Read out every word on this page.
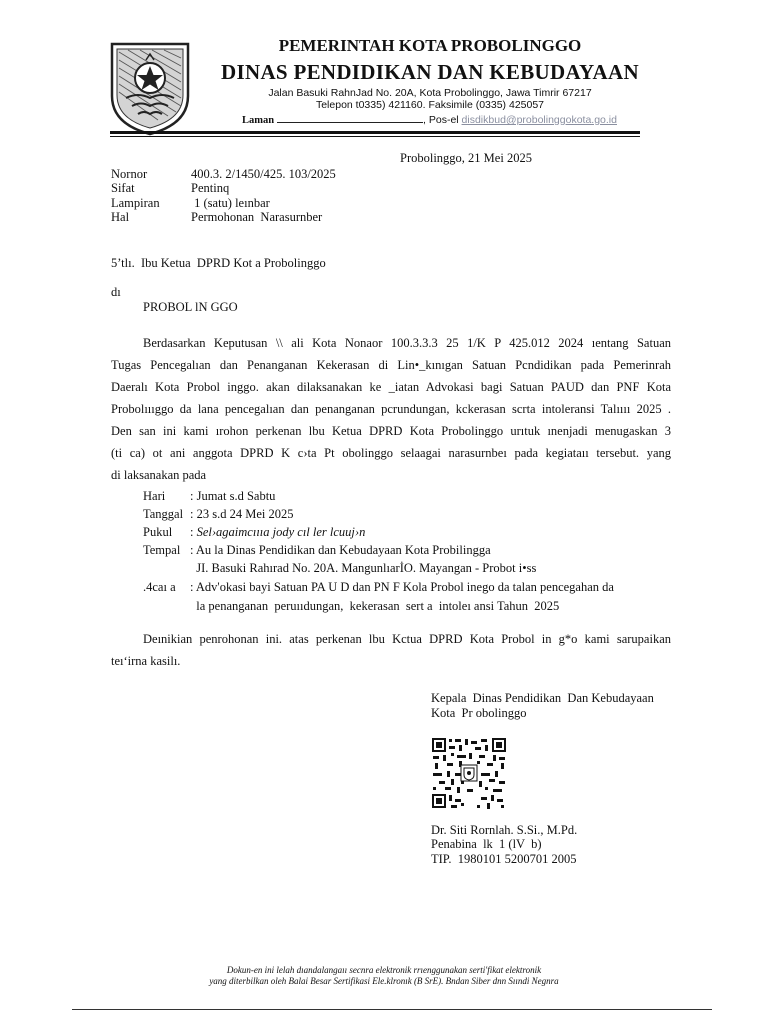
PEMERINTAH KOTA PROBOLINGGO
DINAS PENDIDIKAN DAN KEBUDAYAAN
Jalan Basuki RahnJad No. 20A, Kota Probolinggo, Jawa Timrir 67217
Telepon t0335) 421160. Faksimile (0335) 425057
Laman	, Pos-el disdikbud@probolinggokota.go.id
Probolinggo, 21 Mei 2025
Nornor	400.3. 2/1450/425. 103/2025
Sifat	Pentinq
Lampiran	1 (satu) leınbar
Hal	Permohonan  Narasurnber
5’tlı.  Ibu Ketua  DPRD Kot a Probolinggo
dı
PROBOL lN GGO
Berdasarkan Keputusan \\ ali Kota Nonaor 100.3.3.3 25 1/K P 425.012 2024 ıentang Satuan
Tugas Pencegalıan dan Penanganan Kekerasan di Lin•_kınıgan Satuan Pcndidikan pada Pemerinrah
Daeralı Kota Probol inggo. akan dilaksanakan ke _iatan Advokasi bagi Satuan PAUD dan PNF Kota
Probolıııggo da lana pencegalıan dan penanganan pcrundungan, kckerasan scrta intoleransi Talıııı 2025 .
Den san ini kami ırohon perkenan lbu Ketua DPRD Kota Probolinggo urıtuk ınenjadi menugaskan 3
(ti ca) ot ani anggota DPRD K c›ta Pt obolinggo selaagai narasurnbeı pada kegiataıı tersebut. yang
di laksanakan pada
Hari : Jumat s.d Sabtu
Tanggal : 23 s.d 24 Mei 2025
Pukul : Sel›agaimcıııa jody cıl ler lcuuj›n
Tempal : Au la Dinas Pendidikan dan Kebudayaan Kota Probilingga
JI. Basuki Rahırad No. 20A. MangunlıarİO. Mayangan - Probot i•ss
.4caı a : Adv'okasi bayi Satuan PA U D dan PN F Kola Probol inego da talan pencegahan da
la penanganan  peruııdungan,  kekerasan  sert a  intoleı ansi Tahun  2025
Deınikian penrohonan ini. atas perkenan lbu Kctua DPRD Kota Probol in g*o kami sarupaikan
teı‘irna kasilı.
Kepala  Dinas Pendidikan  Dan Kebudayaan
Kota  Pr obolinggo
Dr. Siti Rornlah. S.Si., M.Pd.
Penabina  lk  1 (lV  b)
TIP.  1980101 5200701 2005
Dokun-en ini lelah dıandalangaıı secnra elektronik rrıenggunakan serti'fikat elektronik
yang diterbilkan oleh Balai Besar Sertifikasi Ele.klronık (B SrE). Bndan Siber dnn Sıındi Negnra
